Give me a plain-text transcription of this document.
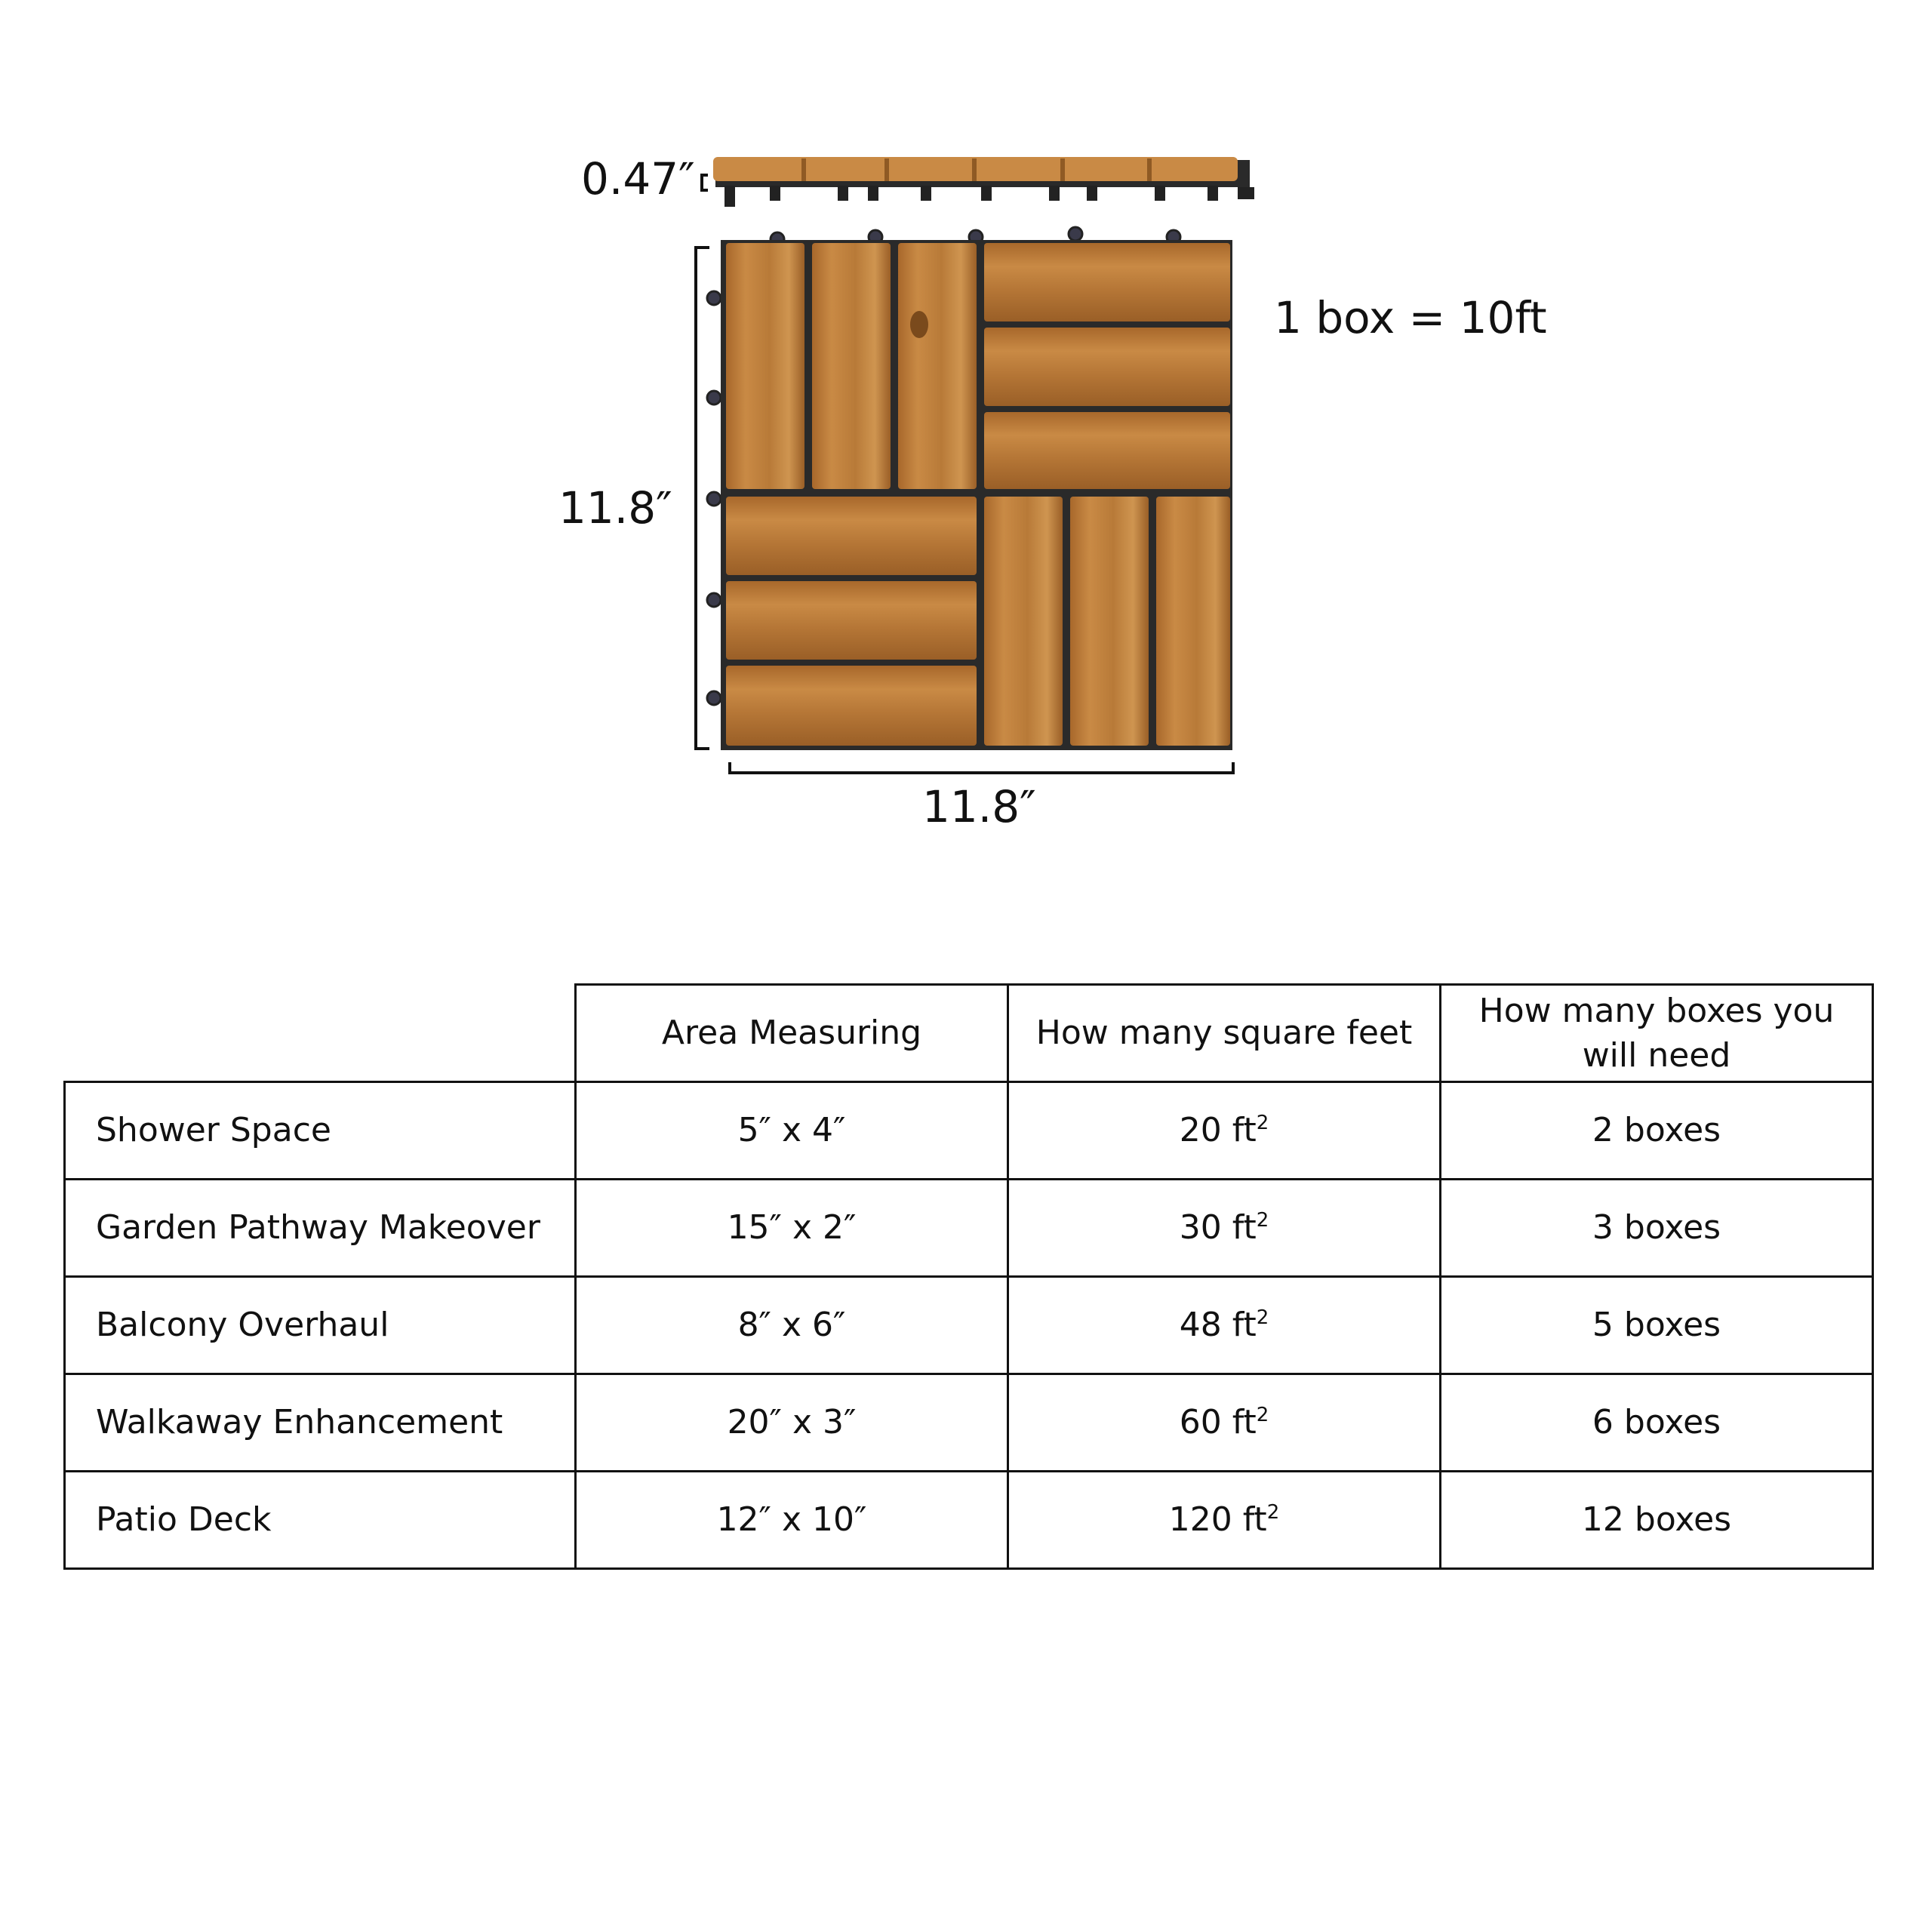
0.47″
11.8″
11.8″
1 box = 10ft
	Area Measuring	How many square feet	How many boxes you will need
Shower Space	5″ x 4″	20 $ft^2$	2 boxes
Garden Pathway Makeover	15″ x 2″	30 $ft^2$	3 boxes
Balcony Overhaul	8″ x 6″	48 $ft^2$	5 boxes
Walkaway Enhancement	20″ x 3″	60 $ft^2$	6 boxes
Patio Deck	12″ x 10″	120 $ft^2$	12 boxes
